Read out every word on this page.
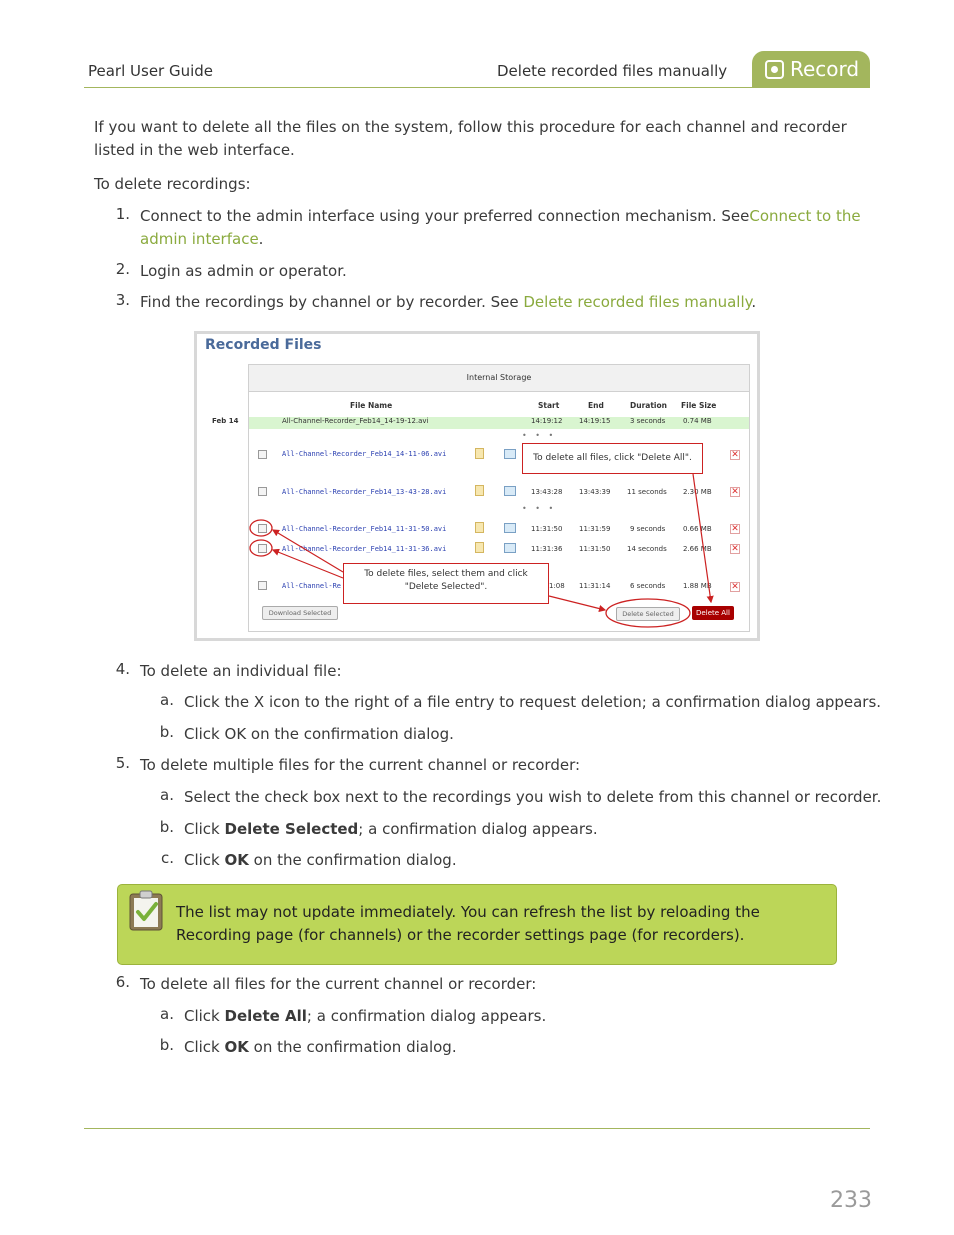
Pearl User Guide	Delete recorded files manually	Record

If you want to delete all the files on the system, follow this procedure for each channel and recorder listed in the web interface.

To delete recordings:

1. Connect to the admin interface using your preferred connection mechanism. SeeConnect to the admin interface.

2. Login as admin or operator.

3. Find the recordings by channel or by recorder. See Delete recorded files manually.

Recorded Files
Internal Storage
File Name	Start	End	Duration File Size
Feb 14	All-Channel-Recorder_Feb14_14-19-12.avi	14:19:12 14:19:15	3 seconds	0.74 MB
• • •
All-Channel-Recorder_Feb14_14-11-06.avi	✕
All-Channel-Recorder_Feb14_13-43-28.avi	13:43:28 13:43:39 11 seconds 2.30 MB ✕
• • •
All-Channel-Recorder_Feb14_11-31-50.avi	11:31:50 11:31:59	9 seconds	0.66 MB ✕
All-Channel-Recorder_Feb14_11-31-36.avi	11:31:36 11:31:50 14 seconds 2.66 MB ✕
All-Channel-Re	1:08 11:31:14	6 seconds	1.88 MB ✕
Download Selected	Delete Selected	Delete All
To delete all files, click "Delete All".
To delete files, select them and click "Delete Selected".
4. To delete an individual file:

a. Click the X icon to the right of a file entry to request deletion; a confirmation dialog appears.

b. Click OK on the confirmation dialog.

5. To delete multiple files for the current channel or recorder:

a. Select the check box next to the recordings you wish to delete from this channel or recorder.

b. Click Delete Selected; a confirmation dialog appears.

c. Click OK on the confirmation dialog.

The list may not update immediately. You can refresh the list by reloading the Recording page (for channels) or the recorder settings page (for recorders).

6. To delete all files for the current channel or recorder:

a. Click Delete All; a confirmation dialog appears.

b. Click OK on the confirmation dialog.

233
